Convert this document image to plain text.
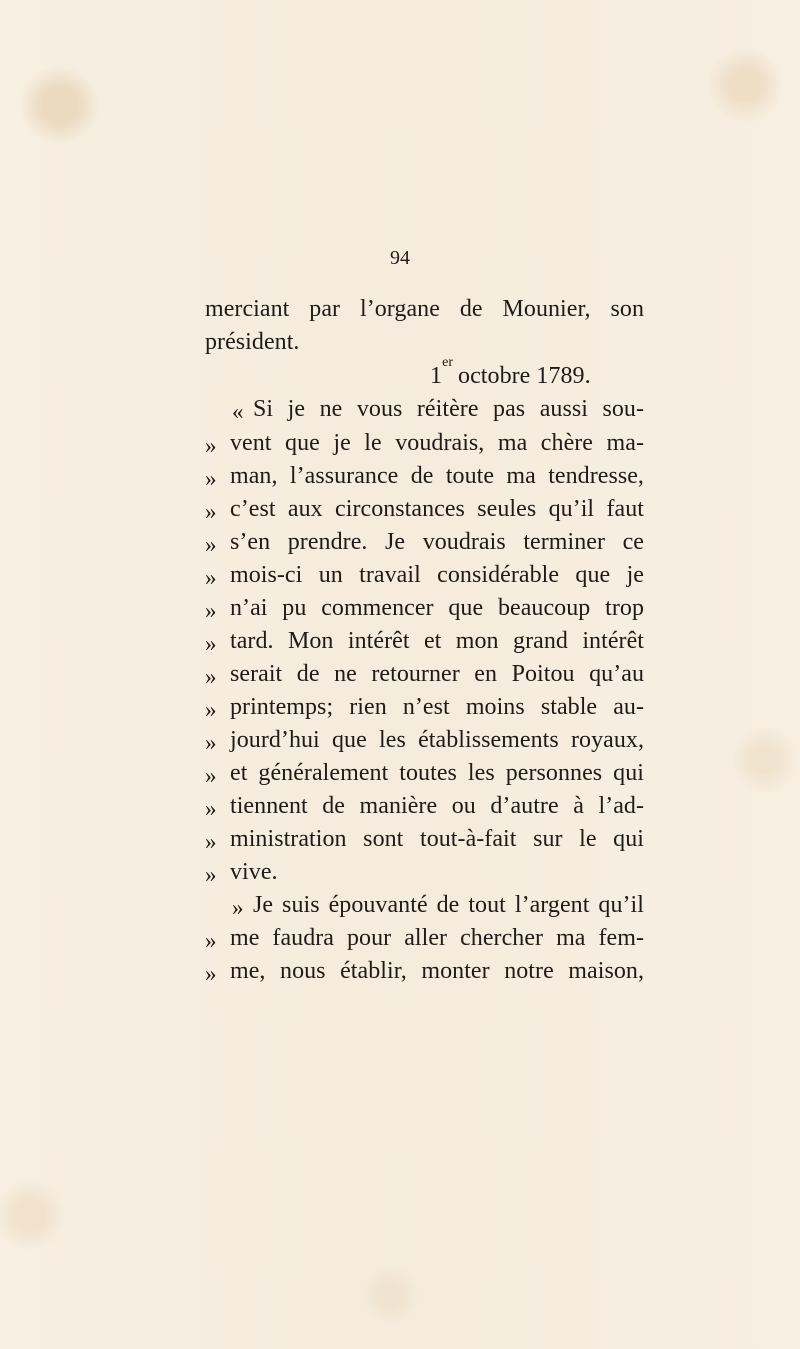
94
merciant par l’organe de Mounier, son
président.
1eroctobre 1789.
« Si je ne vous réitère pas aussi sou-
» vent que je le voudrais, ma chère ma-
» man, l’assurance de toute ma tendresse,
» c’est aux circonstances seules qu’il faut
» s’en prendre. Je voudrais terminer ce
» mois-ci un travail considérable que je
» n’ai pu commencer que beaucoup trop
» tard. Mon intérêt et mon grand intérêt
» serait de ne retourner en Poitou qu’au
» printemps; rien n’est moins stable au-
» jourd’hui que les établissements royaux,
» et généralement toutes les personnes qui
» tiennent de manière ou d’autre à l’ad-
» ministration sont tout-à-fait sur le qui
» vive.
» Je suis épouvanté de tout l’argent qu’il
» me faudra pour aller chercher ma fem-
» me, nous établir, monter notre maison,
